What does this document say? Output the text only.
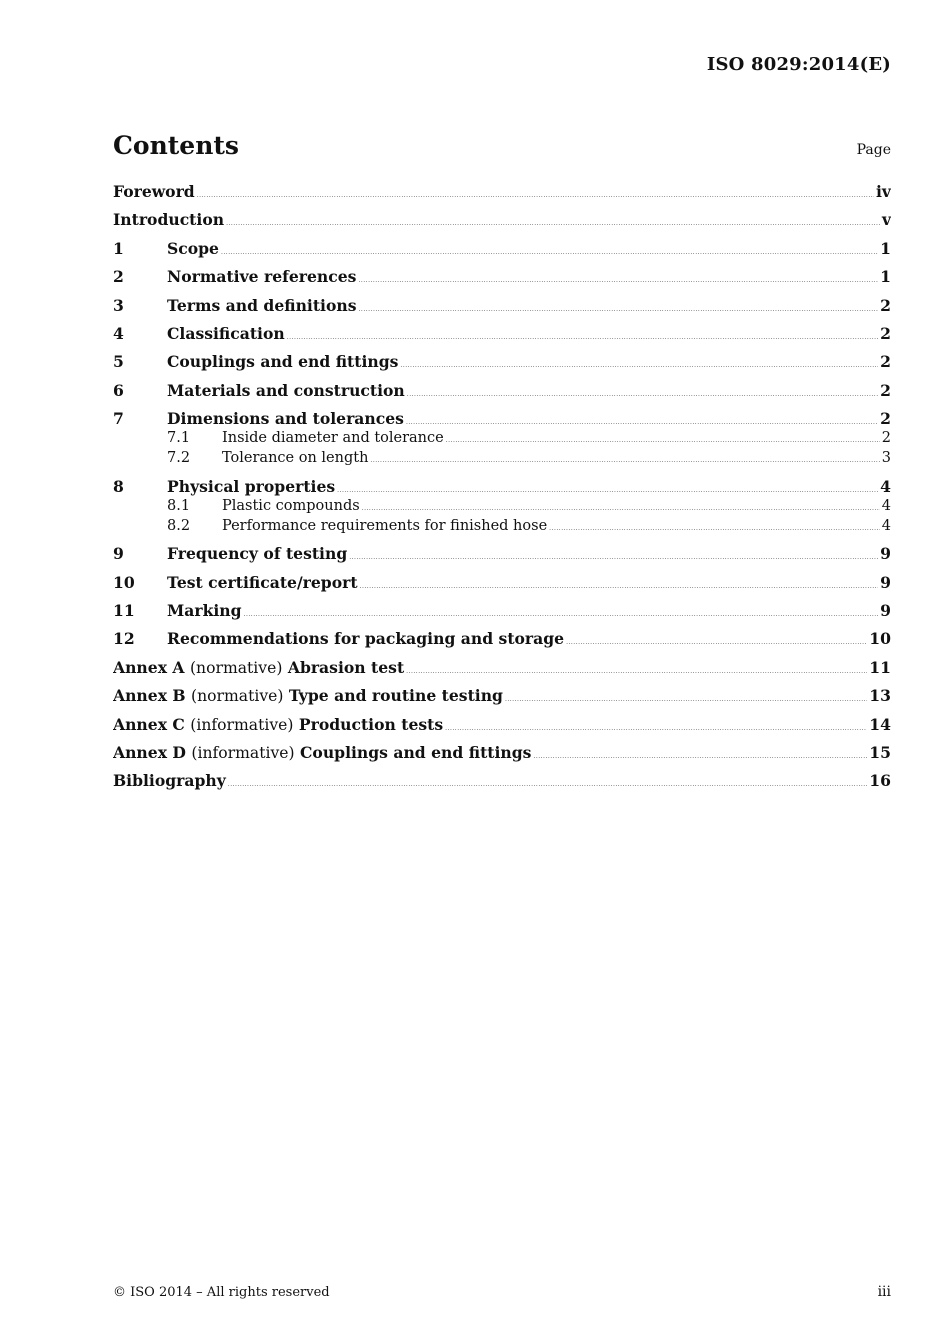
ISO 8029:2014(E)
Contents	Page
Foreword .....	iv
Introduction .....	v
1	Scope .....	1
2	Normative references .....	1
3	Terms and definitions .....	2
4	Classification .....	2
5	Couplings and end fittings .....	2
6	Materials and construction .....	2
7	Dimensions and tolerances .....	2
7.1	Inside diameter and tolerance .....	2
7.2	Tolerance on length .....	3
8	Physical properties .....	4
8.1	Plastic compounds .....	4
8.2	Performance requirements for finished hose .....	4
9	Frequency of testing .....	9
10	Test certificate/report .....	9
11	Marking .....	9
12	Recommendations for packaging and storage .....	10
Annex A (normative) Abrasion test .....	11
Annex B (normative) Type and routine testing .....	13
Annex C (informative) Production tests .....	14
Annex D (informative) Couplings and end fittings .....	15
Bibliography .....	16
© ISO 2014 – All rights reserved	iii
